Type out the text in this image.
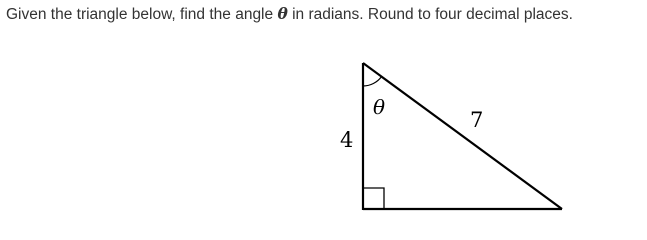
Given the triangle below, find the angle θ in radians. Round to four decimal places.
θ
4
7
